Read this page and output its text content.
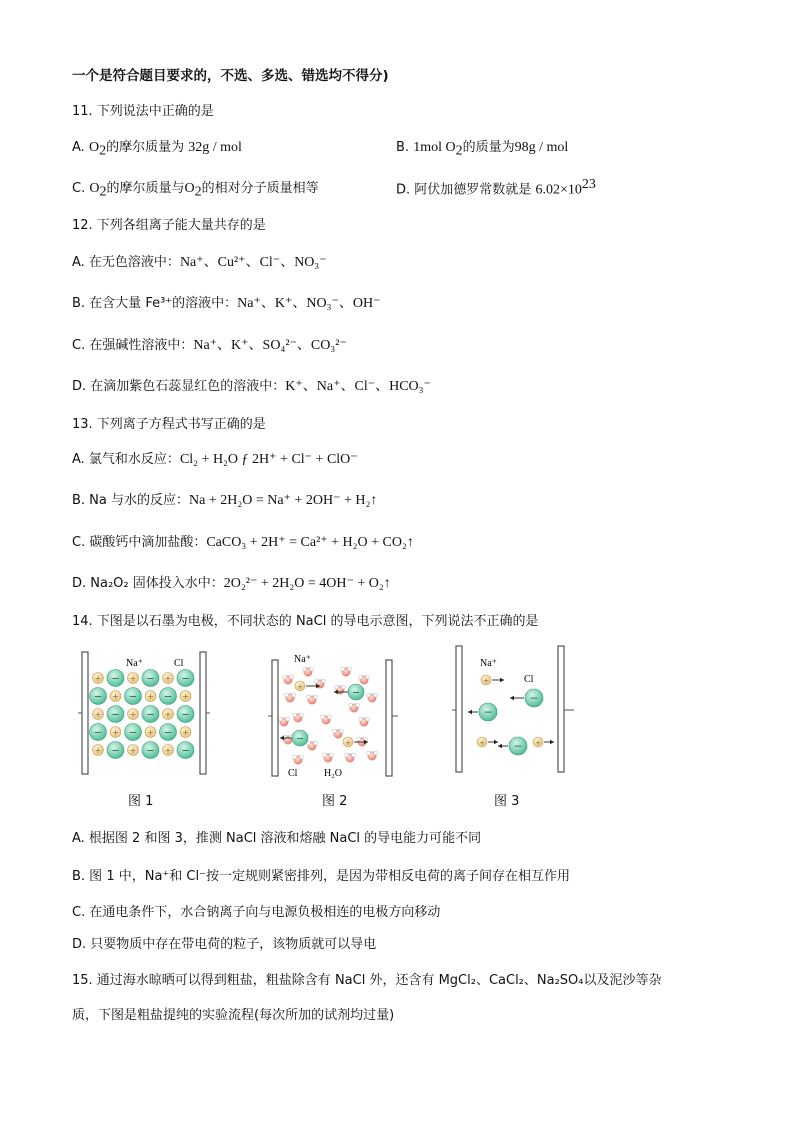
一个是符合题目要求的，不选、多选、错选均不得分)
11. 下列说法中正确的是
A. $O_2$的摩尔质量为 32g / mol	B. 1mol $O_2$的质量为98g / mol
C. $O_2$的摩尔质量与$O_2$的相对分子质量相等	D. 阿伏加德罗常数就是 $6.02\times 10^{23}$
12. 下列各组离子能大量共存的是
A. 在无色溶液中：Na⁺、Cu²⁺、Cl⁻、NO₃⁻
B. 在含大量 Fe³⁺的溶液中：Na⁺、K⁺、NO₃⁻、OH⁻
C. 在强碱性溶液中：Na⁺、K⁺、SO₄²⁻、CO₃²⁻
D. 在滴加紫色石蕊显红色的溶液中：K⁺、Na⁺、Cl⁻、HCO₃⁻
13. 下列离子方程式书写正确的是
A. 氯气和水反应：Cl₂ + H₂O ƒ 2H⁺ + Cl⁻ + ClO⁻
B. Na 与水的反应：Na + 2H₂O = Na⁺ + 2OH⁻ + H₂↑
C. 碳酸钙中滴加盐酸：CaCO₃ + 2H⁺ = Ca²⁺ + H₂O + CO₂↑
D. Na₂O₂ 固体投入水中：2O₂²⁻ + 2H₂O = 4OH⁻ + O₂↑
14. 下图是以石墨为电极，不同状态的 NaCl 的导电示意图，下列说法不正确的是
+ − + − + −
− + − + − +
+ − + − + −
− + − + − +
+ − + − + −
Na⁺	Cl
+
−
+
−
Na⁺
Cl	H₂O
+
−
−
+	− +
Na⁺
Cl
图 1	图 2	图 3
A. 根据图 2 和图 3，推测 NaCl 溶液和熔融 NaCl 的导电能力可能不同
B. 图 1 中，Na⁺和 Cl⁻按一定规则紧密排列，是因为带相反电荷的离子间存在相互作用
C. 在通电条件下，水合钠离子向与电源负极相连的电极方向移动
D. 只要物质中存在带电荷的粒子，该物质就可以导电
15. 通过海水晾晒可以得到粗盐，粗盐除含有 NaCl 外，还含有 MgCl₂、CaCl₂、Na₂SO₄以及泥沙等杂
质，下图是粗盐提纯的实验流程(每次所加的试剂均过量)
